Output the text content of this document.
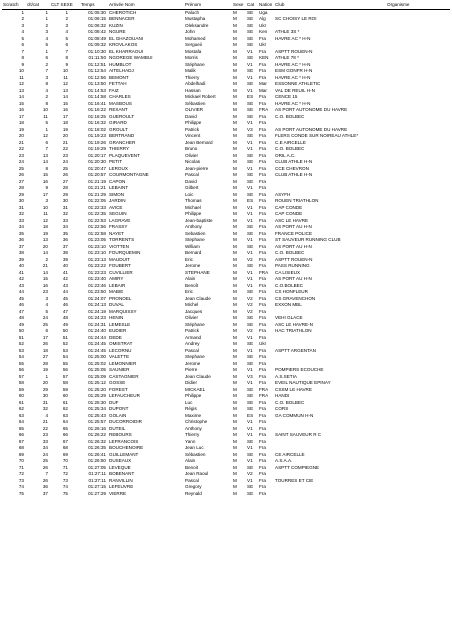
Scratch	clt/cat	CLT SEXE		Temps	Arrivée Nom	Prénom	Sexe	Cat	Nation	Club	Organisme
1	1	1		01:05:30	CHEROTICH	Paluch	M	SE	Uga		
2	1	2		01:06:15	BENNACER	Mustapha	M	SE	Alg	SC CHOISY LE ROI	
3	2	3		01:06:32	KUZIN	Oleksandre	M	SE	Ukr		
4	3	4		01:08:42	NGURE	John	M	SE	Ken	ATHLE 3S *	
5	4	5		01:08:49	EL GHAZOUANI	Mohamed	M	SE	Fra	HAVRE AC * H-N	
6	5	6		01:09:32	KROVLAKOS	Sergueii	M	SE	Ukr		
7	1	7		01:10:30	EL KHARRAOUI	Mostafa	M	V1	Fra	ASPTT ROUEN-N	
8	6	8		01:11:50	NGOREGE WAMBUI	Morris	M	SE	KEN	ATHLE 78 *	
9	2	9		01:12:51	HUMBLOT	Stéphane	M	V1	Fra	HAVRE AC * H-N	
10	7	10		01:12:54	AITELHADJ	Malik	M	SE	Fra	ESM GONFR H-N	
11	3	11		01:12:56	BEMONT	Thierry	M	V1	Fra	HAVRE AC * H-N	
12	8	12		01:13:50	FETTAH	Abdelhadi	M	SE	Mar	ESSONNE ATHLETIC	
13	4	13		01:14:53	FAIZ	Hassan	M	V1	Mar	VAL DE REUIL H-N	
14	2	14		01:14:58	CHARLES	Mickael Robert	M	ES	Fra	CENCE 15	
15	8	15		01:16:41	MASBOUS	Sébastien	M	SE	Fra	HAVRE AC * H-N	
16	10	16		01:16:22	REXANT	OLIVIER	M	SE	FRA	AS PORT AUTONOME DU HAVRE	
17	11	17		01:16:25	GUEROULT	David	M	SE	Fra	C.O. BOLBEC	
18	5	18		01:16:32	GIRARD	Philippe	M	V1	Fra		
19	1	19		01:18:02	GROULT	Patrick	M	V3	Fra	AS PORT AUTONOME DU HAVRE	
20	12	20		01:19:23	BERTRAND	Vincent	M	SE	Fra	FLERS CONDE SUR NOIREAU ATHLE*	
21	6	21		01:19:26	GRANCHER	Jean Bernard	M	V1	Fra	C.E AIRCELLE	
22	7	22		01:19:29	THIERRY	Bruno	M	V1	Fra	C.O. BOLBEC	
23	13	23		01:20:17	PLAQUEVENT	Olivier	M	SE	Fra	ORIL A.C.	
24	14	24		01:20:30	PETIT	Nicolas	M	SE	Fra	CLUB ATHLE H-N	
25	8	25		01:20:47	LEROUX	Jean-pierre	M	V1	Fra	CCE CHEVRON	
26	15	26		01:20:57	COURMONTAGNE	Pascal	M	SE	Fra	CLUB ATHLE H-N	
27	16	27		01:21:19	CAPON	David	M	SE	Fra		
28	9	28		01:21:21	LEBAINT	Gilbert	M	V1	Fra		
29	17	29		01:21:29	SIMON	Loic	M	SE	Fra	ASYFH	
30	3	30		01:22:05	JARDIN	Thomas	M	ES	Fra	ROUEN TRIATHLON	
31	10	31		01:22:33	AVICE	Michael	M	V1	Fra	CAP CONDE	
32	11	32		01:22:35	SEGUIN	Philippe	M	V1	Fra	CAP CONDE	
33	12	33		01:22:53	LAGRAVE	Jean-baptiste	M	V1	Fra	ASC LE HAVRE	
34	18	34		01:22:56	FRASSY	Anthony	M	SE	Fra	AS PORT AU H-N	
35	19	35		01:22:58	NAYET	Sebastien	M	SE	Fra	FRANCE POLICE	
36	13	36		01:23:05	TORRENTS	Stephane	M	V1	Fra	ST SAUVEUR RUNNING CLUB	
37	20	37		01:23:10	VIOTTEN	William	M	SE	Fra	AS PORT AU H-N	
38	14	38		01:23:10	FOURQUEMIN	Bernard	M	V1	Fra	C.O. BOLBEC	
39	2	39		01:23:13	MAUDUIT	Eric	M	V2	Fra	ASPTT ROUEN-N	
40	21	40		01:23:22	FOUBERT	Jerome	M	SE	Fra	PASS RUNNING	
41	14	41		01:23:23	CUVILLIER	STEPHANE	M	V1	FRA	CA LISIEUX	
42	15	42		01:23:40	AMIRY	Alain	M	V1	Fra	AS PORT AU H-N	
43	16	43		01:23:46	LEBAIR	Benoît	M	V1	Fra	C.O.BOLBEC	
44	23	44		01:23:50	MABIE	Eric	M	SE	Fra	CS HONFLEUR	
45	3	45		01:24:07	PRONOEL	Jean Claude	M	V2	Fra	CS GRAVENCHON	
46	4	46		01:24:13	DUVAL	Michel	M	V2	Fra	EXXON MBL	
47	5	47		01:24:19	MARQUISSY	Jacques	M	V2	Fra		
48	24	48		01:24:23	HENIN	Olivier	M	SE	Fra	VEHI GLACE	
49	25	49		01:24:31	LEMESLE	Stéphane	M	SE	Fra	ASC LE HAVRE-N	
50	6	50		01:24:40	EUDIER	Patrick	M	V2	Fra	HAC TRIATHLON	
51	17	51		01:24:44	DEDE	Armand	M	V1	Fra		
52	26	52		01:24:45	OMISTRAT	Andrey	M	SE	Ukr		
53	18	53		01:24:45	LECORNU	Pascal	M	V1	Fra	ASPTT ARGENTAN	
54	27	54		01:25:00	VALETTE	Stephane	M	SE	Fra		
55	28	55		01:25:02	LEMONNIER	Jerome	M	SE	Fra		
56	19	56		01:25:05	SAUNIER	Pierre	M	V1	Fra	POMPIERS ECOUCHE	
57	1	57		01:25:09	CASTAGNIER	Jean Claude	M	V3	Fra	A.S.SETIA	
58	20	58		01:25:12	GOSSE	Didier	M	V1	Fra	EVEIL NAUTIQUE EPINAY	
59	29	59		01:25:20	FOREST	MICKAEL	M	SE	FRA	CSSM LE HAVRE	
60	30	60		01:25:29	LEFAUCHEUR	Philippe	M	SE	FRA	HANDI	
61	31	61		01:25:30	DUF	Luc	M	SE	Fra	C.O. BOLBEC	
62	32	62		01:25:34	DUPONT	Régis	M	SE	Fra	CORS	
63	4	63		01:25:43	GOLAIN	Maxime	M	ES	Fra	GA COMMUN H-N	
64	21	64		01:25:57	DUCORROIDIR	Christophe	M	V1	Fra		
65	22	65		01:26:16	DUTEIL	Anthony	M	V1	Fra		
66	23	66		01:26:22	REBOURS	Thierry	M	V1	Fra	SAINT SAUVEUR R C	
67	33	67		01:26:32	LEFRANCOIS	Yann	M	SE	Fra		
68	34	68		01:26:35	BOUCHENOIRE	Jean Luc	M	V1	Fra		
69	24	69		01:26:41	GUILLEMANT	Sébastien	M	SE	Fra	CE AIRCELLE	
70	25	70		01:26:50	DUSEAUX	Alain	M	V1	Fra	A.S.A.A.	
71	26	71		01:27:05	LEVEQUE	Benoit	M	SE	Fra	ASPTT COMPIEGNE	
72	7	72		01:27:11	BOBENANT	Jean Raoul	M	V2	Fra		
73	26	73		01:27:11	RANVILLIN	Pascal	M	V1	Fra	TOURRES ET CIE	
74	36	74		01:27:15	LEFEUVRE	Gregory	M	SE	Fra		
75	37	75		01:27:29	VIERRE	Reynald	M	SE	Fra		
